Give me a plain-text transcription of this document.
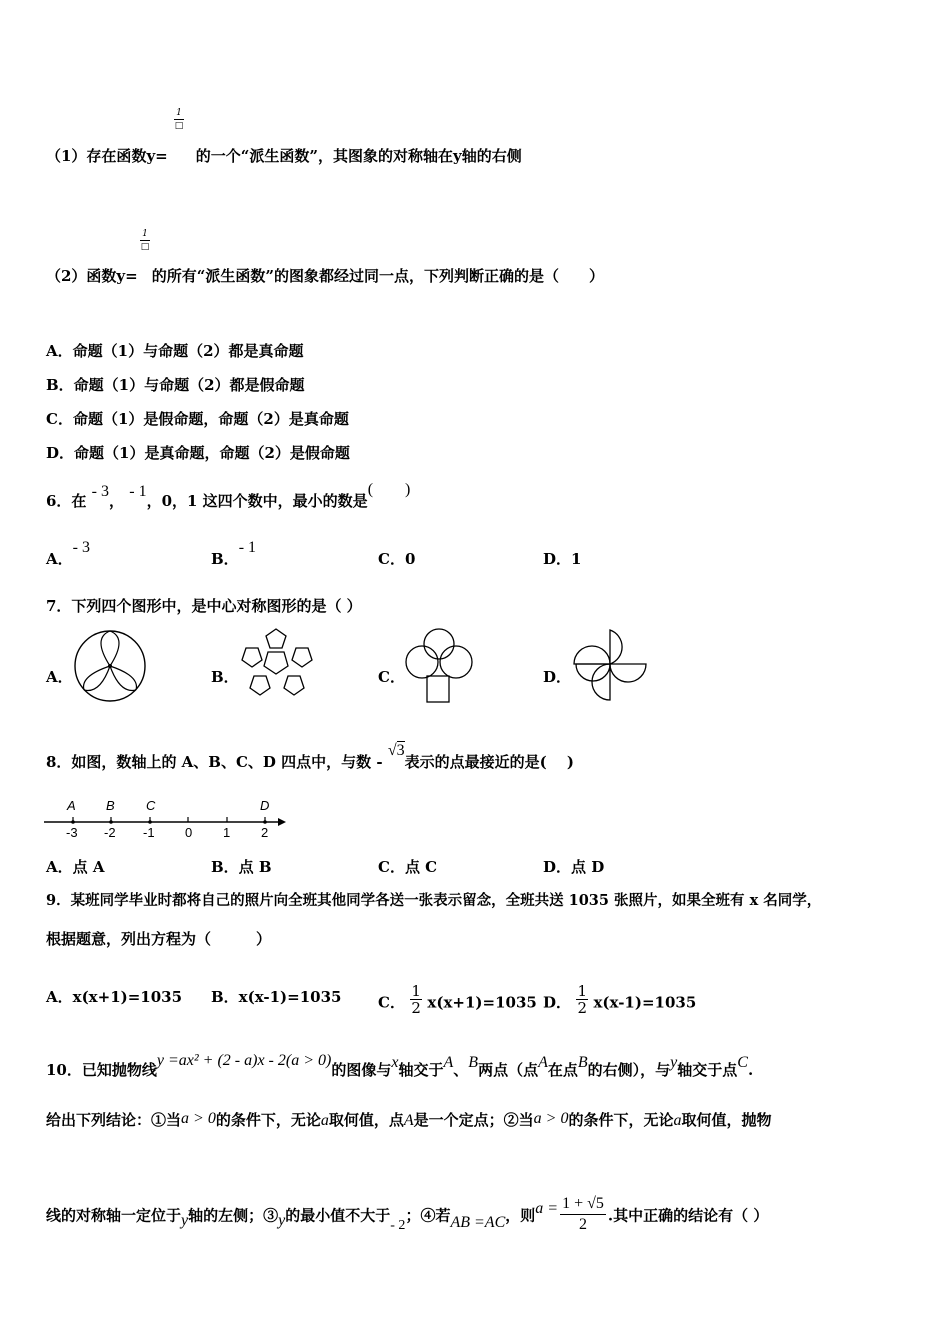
1
□
（1）存在函数y= 的一个“派生函数”，其图象的对称轴在y轴的右侧
1
□
（2）函数y= 的所有“派生函数”的图象都经过同一点，下列判断正确的是（　　）
A．命题（1）与命题（2）都是真命题
B．命题（1）与命题（2）都是假命题
C．命题（1）是假命题，命题（2）是真命题
D．命题（1）是真命题，命题（2）是假命题
6．在 - 3， - 1，0，1 这四个数中，最小的数是(　　)
A．- 3
B．- 1
C．0	D．1
7．下列四个图形中，是中心对称图形的是（ ）
A．	B．	C．	D．
8．如图，数轴上的 A、B、C、D 四点中，与数 - √3表示的点最接近的是(　 )
A B C	D
-3 -2 -1 0 1 2
A．点 A	B．点 B	C．点 C	D．点 D
9．某班同学毕业时都将自己的照片向全班其他同学各送一张表示留念，全班共送 1035 张照片，如果全班有 x 名同学，
根据题意，列出方程为（　　　）
A．x(x+1)=1035 B．x(x-1)=1035 C． $\frac{1}{2} x(x+1)=1035$ D． $\frac{1}{2} x(x-1)=1035$
10．已知抛物线y =ax² + (2 - a)x - 2(a > 0)的图像与x轴交于A、B两点（点A在点B的右侧），与y轴交于点C.
给出下列结论：①当a > 0的条件下，无论a取何值，点A是一个定点；②当a > 0的条件下，无论a取何值，抛物
线的对称轴一定位于y轴的左侧；③y的最小值不大于- 2；④若AB =AC，则$a = \frac{1 + √5}{2}$ .其中正确的结论有（ ）
